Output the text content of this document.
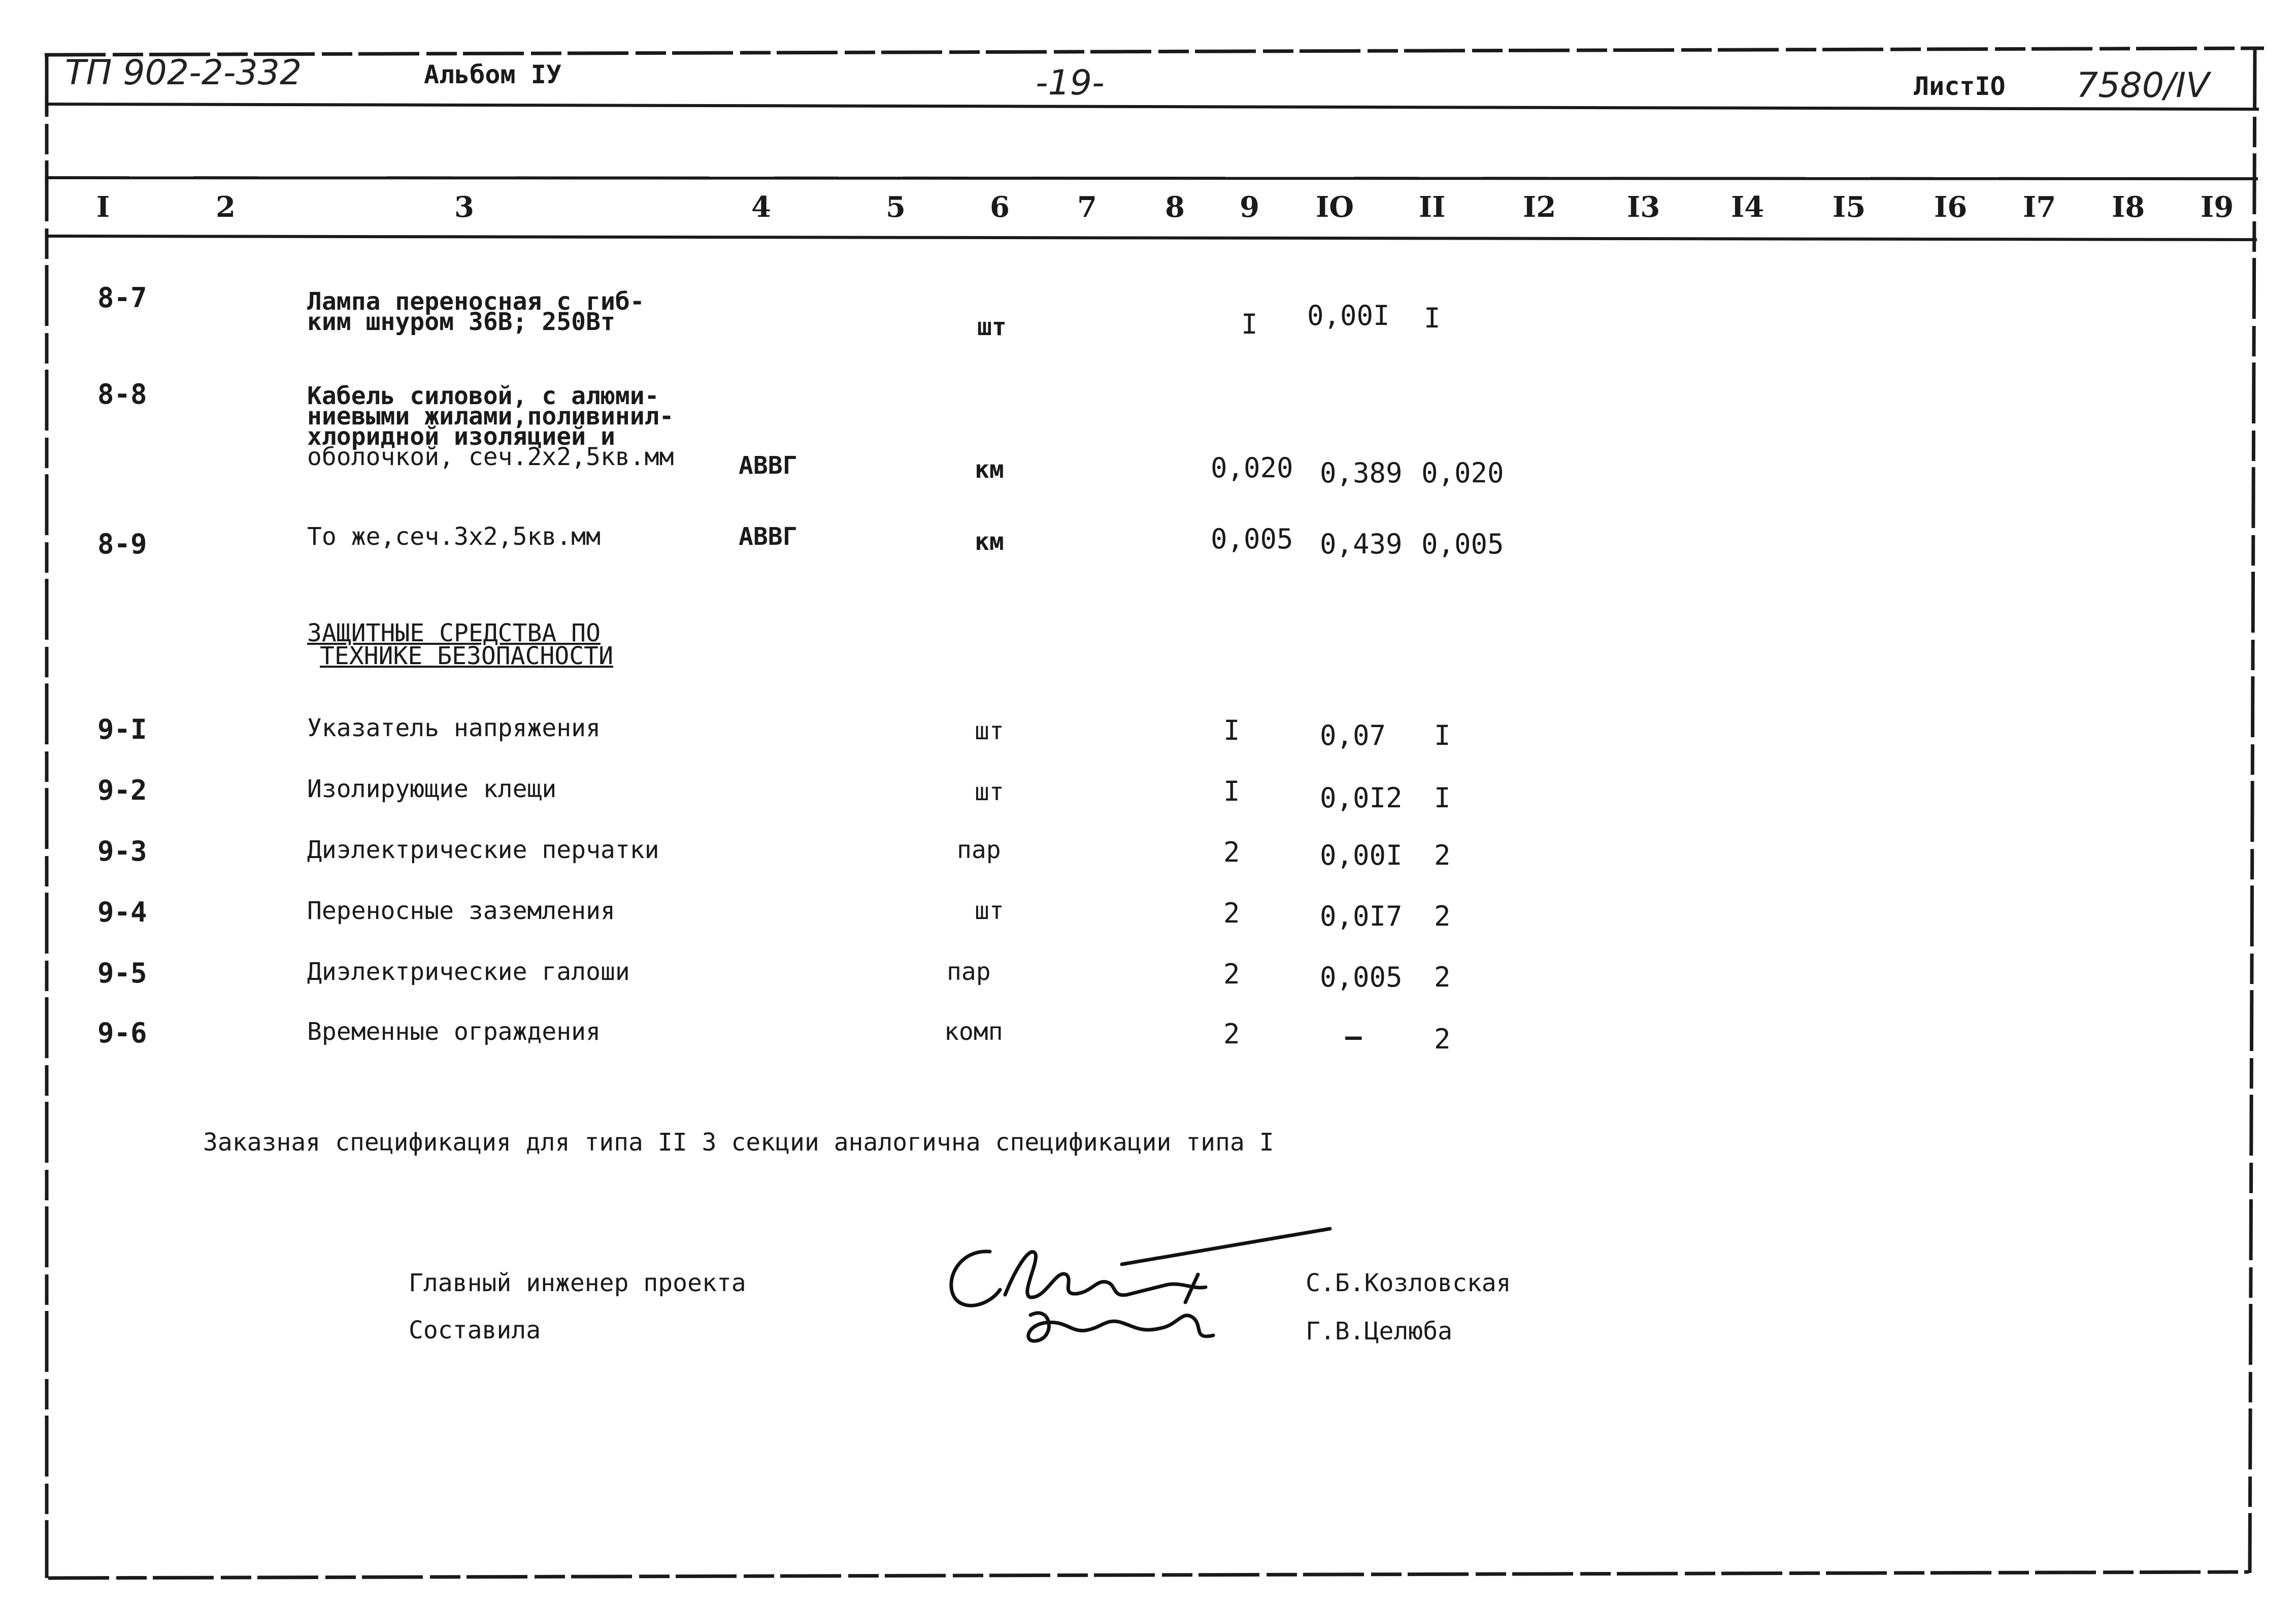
ТП 902-2-332	Альбом IУ	-19-	ЛистIO 7580/IV
I	2	3	4	5	6 7 8 9 IO II	I2 I3 I4 I5 I6 I7 I8 I9
8-7	Лампа переносная с гиб-
ким шнуром 36В; 250Вт	шт	I 0,00I I
8-8	Кабель силовой, с алюми-
ниевыми жилами,поливинил-
хлоридной изоляцией и
оболочкой, сеч.2х2,5кв.мм	АВВГ	км	0,020 0,389 0,020
8-9	То же,сеч.3х2,5кв.мм	АВВГ	км	0,005 0,439 0,005
ЗАЩИТНЫЕ СРЕДСТВА ПО
ТЕХНИКЕ БЕЗОПАСНОСТИ
9-I	Указатель напряжения	шт	I	0,07 I
9-2	Изолирующие клещи	шт	I	0,0I2 I
9-3	Диэлектрические перчатки	пар	2	0,00I 2
9-4	Переносные заземления	шт	2	0,0I7 2
9-5	Диэлектрические галоши	пар	2	0,005 2
9-6	Временные ограждения	комп	2	–	2
Заказная спецификация для типа II 3 секции аналогична спецификации типа I
Главный инженер проекта
Составила
С.Б.Козловская
Г.В.Целюба
